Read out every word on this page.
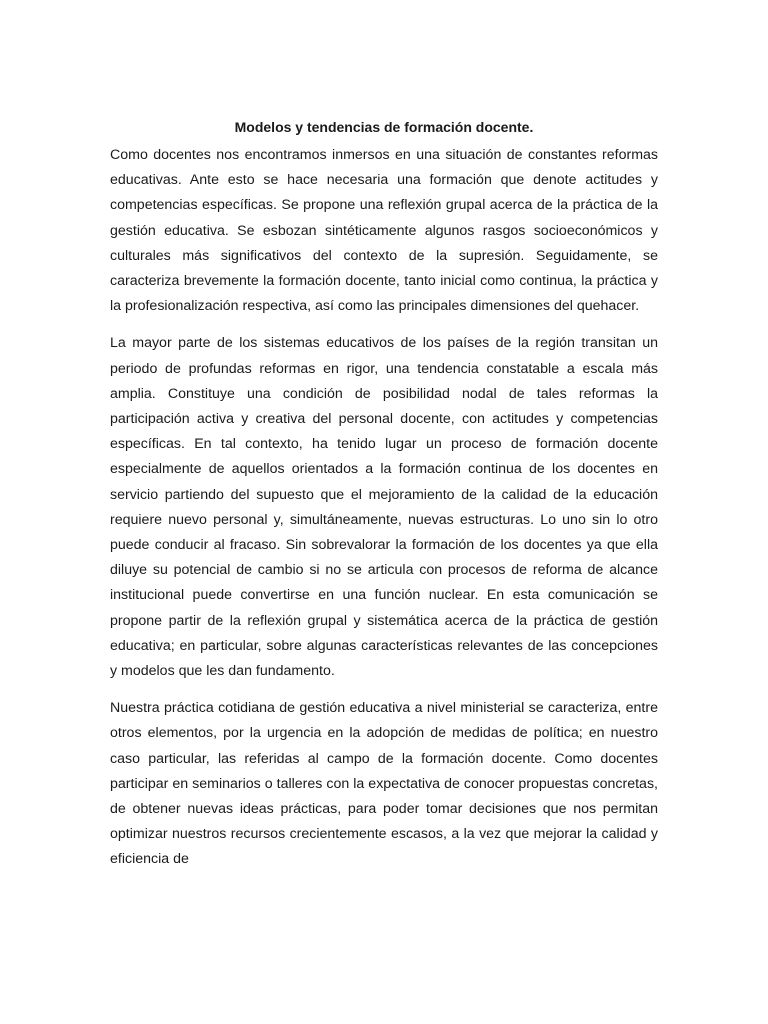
Modelos y tendencias de formación docente.

Como docentes nos encontramos inmersos en una situación de constantes reformas educativas. Ante esto se hace necesaria una formación que denote actitudes y competencias específicas. Se propone una reflexión grupal acerca de la práctica de la gestión educativa. Se esbozan sintéticamente algunos rasgos socioeconómicos y culturales más significativos del contexto de la supresión. Seguidamente, se caracteriza brevemente la formación docente, tanto inicial como continua, la práctica y la profesionalización respectiva, así como las principales dimensiones del quehacer.

La mayor parte de los sistemas educativos de los países de la región transitan un periodo de profundas reformas en rigor, una tendencia constatable a escala más amplia. Constituye una condición de posibilidad nodal de tales reformas la participación activa y creativa del personal docente, con actitudes y competencias específicas. En tal contexto, ha tenido lugar un proceso de formación docente especialmente de aquellos orientados a la formación continua de los docentes en servicio partiendo del supuesto que el mejoramiento de la calidad de la educación requiere nuevo personal y, simultáneamente, nuevas estructuras. Lo uno sin lo otro puede conducir al fracaso. Sin sobrevalorar la formación de los docentes ya que ella diluye su potencial de cambio si no se articula con procesos de reforma de alcance institucional puede convertirse en una función nuclear. En esta comunicación se propone partir de la reflexión grupal y sistemática acerca de la práctica de gestión educativa; en particular, sobre algunas características relevantes de las concepciones y modelos que les dan fundamento.

Nuestra práctica cotidiana de gestión educativa a nivel ministerial se caracteriza, entre otros elementos, por la urgencia en la adopción de medidas de política; en nuestro caso particular, las referidas al campo de la formación docente. Como docentes participar en seminarios o talleres con la expectativa de conocer propuestas concretas, de obtener nuevas ideas prácticas, para poder tomar decisiones que nos permitan optimizar nuestros recursos crecientemente escasos, a la vez que mejorar la calidad y eficiencia de
